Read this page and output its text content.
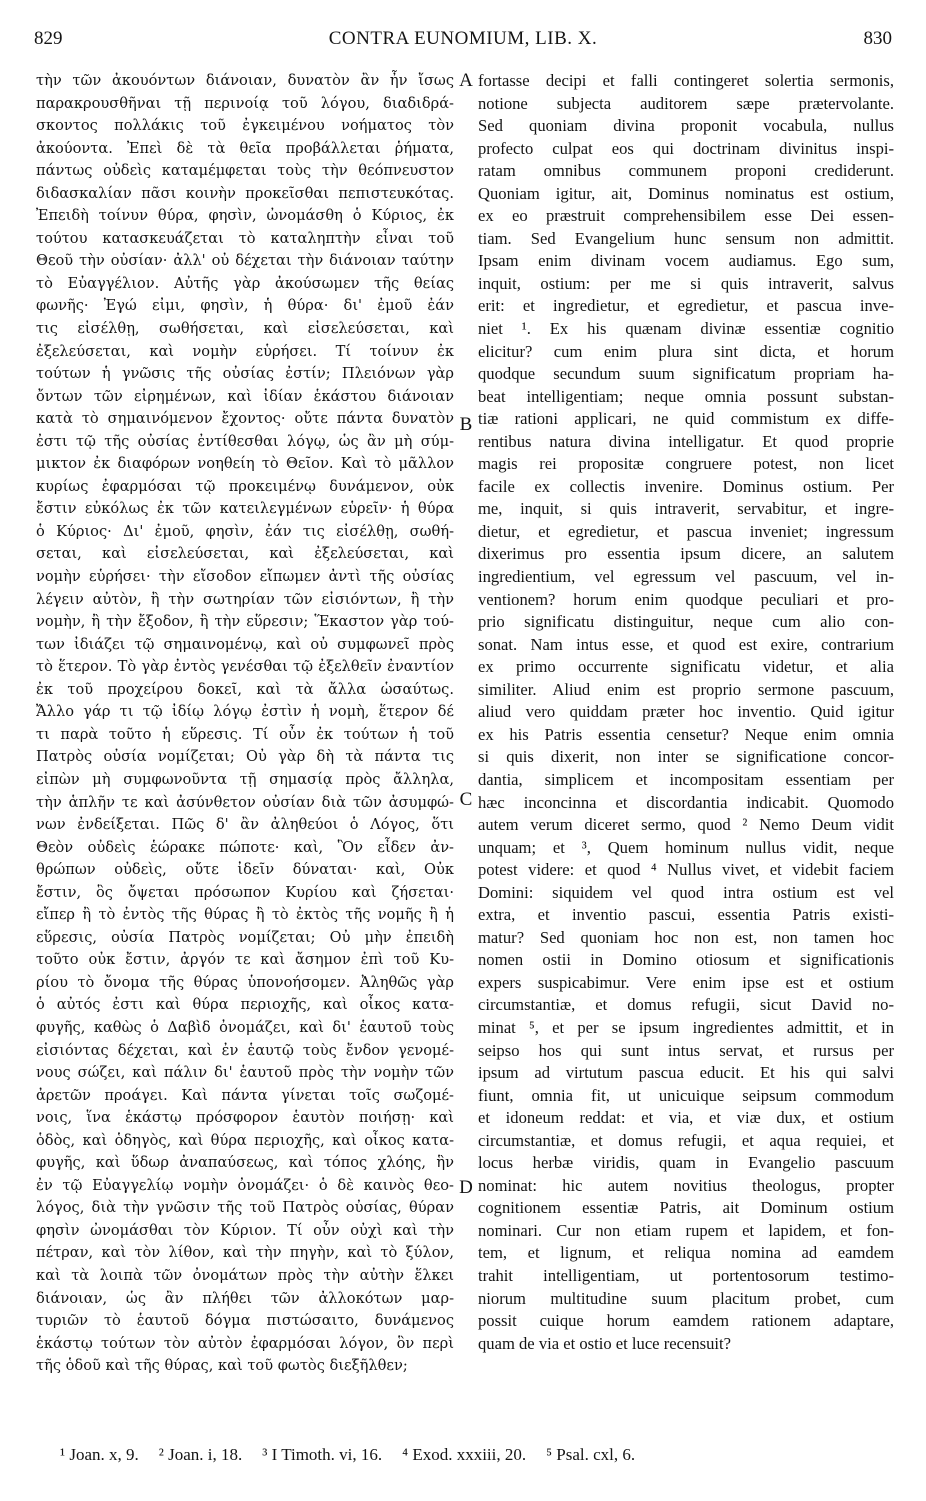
829	CONTRA EUNOMIUM, LIB. X.	830
τὴν τῶν ἀκουόντων διάνοιαν, δυνατὸν ἂν ἦν ἴσως
παρακρουσθῆναι τῇ περινοίᾳ τοῦ λόγου, διαδιδρά-
σκοντος πολλάκις τοῦ ἐγκειμένου νοήματος τὸν
ἀκούοντα. Ἐπεὶ δὲ τὰ θεῖα προβάλλεται ῥήματα,
πάντως οὐδεὶς καταμέμφεται τοὺς τὴν θεόπνευστον
διδασκαλίαν πᾶσι κοινὴν προκεῖσθαι πεπιστευκότας.
Ἐπειδὴ τοίνυν θύρα, φησὶν, ὠνομάσθη ὁ Κύριος, ἐκ
τούτου κατασκευάζεται τὸ καταληπτὴν εἶναι τοῦ
Θεοῦ τὴν οὐσίαν· ἀλλ' οὐ δέχεται τὴν διάνοιαν ταύτην
τὸ Εὐαγγέλιον. Αὐτῆς γὰρ ἀκούσωμεν τῆς θείας
φωνῆς· Ἐγώ εἰμι, φησὶν, ἡ θύρα· δι' ἐμοῦ ἐάν
τις εἰσέλθῃ, σωθήσεται, καὶ εἰσελεύσεται, καὶ
ἐξελεύσεται, καὶ νομὴν εὑρήσει. Τί τοίνυν ἐκ
τούτων ἡ γνῶσις τῆς οὐσίας ἐστίν; Πλειόνων γὰρ
ὄντων τῶν εἰρημένων, καὶ ἰδίαν ἑκάστου διάνοιαν
κατὰ τὸ σημαινόμενον ἔχοντος· οὔτε πάντα δυνατὸν
ἐστι τῷ τῆς οὐσίας ἐντίθεσθαι λόγῳ, ὡς ἂν μὴ σύμ-
μικτον ἐκ διαφόρων νοηθείη τὸ Θεῖον. Καὶ τὸ μᾶλλον
κυρίως ἐφαρμόσαι τῷ προκειμένῳ δυνάμενον, οὐκ
ἔστιν εὐκόλως ἐκ τῶν κατειλεγμένων εὑρεῖν· ἡ θύρα
ὁ Κύριος· Δι' ἐμοῦ, φησὶν, ἐάν τις εἰσέλθῃ, σωθή-
σεται, καὶ εἰσελεύσεται, καὶ ἐξελεύσεται, καὶ
νομὴν εὑρήσει· τὴν εἴσοδον εἴπωμεν ἀντὶ τῆς οὐσίας
λέγειν αὐτὸν, ἢ τὴν σωτηρίαν τῶν εἰσιόντων, ἢ τὴν
νομὴν, ἢ τὴν ἔξοδον, ἢ τὴν εὕρεσιν; Ἕκαστον γὰρ τού-
των ἰδιάζει τῷ σημαινομένῳ, καὶ οὐ συμφωνεῖ πρὸς
τὸ ἕτερον. Τὸ γὰρ ἐντὸς γενέσθαι τῷ ἐξελθεῖν ἐναντίον
ἐκ τοῦ προχείρου δοκεῖ, καὶ τὰ ἄλλα ὡσαύτως.
Ἄλλο γάρ τι τῷ ἰδίῳ λόγῳ ἐστὶν ἡ νομὴ, ἕτερον δέ
τι παρὰ τοῦτο ἡ εὕρεσις. Τί οὖν ἐκ τούτων ἡ τοῦ
Πατρὸς οὐσία νομίζεται; Οὐ γὰρ δὴ τὰ πάντα τις
εἰπὼν μὴ συμφωνοῦντα τῇ σημασίᾳ πρὸς ἄλληλα,
τὴν ἁπλῆν τε καὶ ἀσύνθετον οὐσίαν διὰ τῶν ἀσυμφώ-
νων ἐνδείξεται. Πῶς δ' ἂν ἀληθεύοι ὁ Λόγος, ὅτι
Θεὸν οὐδεὶς ἑώρακε πώποτε· καὶ, Ὃν εἶδεν ἀν-
θρώπων οὐδεὶς, οὔτε ἰδεῖν δύναται· καὶ, Οὐκ
ἔστιν, ὃς ὄψεται πρόσωπον Κυρίου καὶ ζήσεται·
εἴπερ ἢ τὸ ἐντὸς τῆς θύρας ἢ τὸ ἐκτὸς τῆς νομῆς ἢ ἡ
εὕρεσις, οὐσία Πατρὸς νομίζεται; Οὐ μὴν ἐπειδὴ
τοῦτο οὐκ ἔστιν, ἀργόν τε καὶ ἄσημον ἐπὶ τοῦ Κυ-
ρίου τὸ ὄνομα τῆς θύρας ὑπονοήσομεν. Ἀληθῶς γὰρ
ὁ αὐτός ἐστι καὶ θύρα περιοχῆς, καὶ οἶκος κατα-
φυγῆς, καθὼς ὁ Δαβὶδ ὀνομάζει, καὶ δι' ἑαυτοῦ τοὺς
εἰσιόντας δέχεται, καὶ ἐν ἑαυτῷ τοὺς ἔνδον γενομέ-
νους σώζει, καὶ πάλιν δι' ἑαυτοῦ πρὸς τὴν νομὴν τῶν
ἀρετῶν προάγει. Καὶ πάντα γίνεται τοῖς σωζομέ-
νοις, ἵνα ἑκάστῳ πρόσφορον ἑαυτὸν ποιήσῃ· καὶ
ὁδὸς, καὶ ὁδηγὸς, καὶ θύρα περιοχῆς, καὶ οἶκος κατα-
φυγῆς, καὶ ὕδωρ ἀναπαύσεως, καὶ τόπος χλόης, ἣν
ἐν τῷ Εὐαγγελίῳ νομὴν ὀνομάζει· ὁ δὲ καινὸς θεο-
λόγος, διὰ τὴν γνῶσιν τῆς τοῦ Πατρὸς οὐσίας, θύραν
φησὶν ὠνομάσθαι τὸν Κύριον. Τί οὖν οὐχὶ καὶ τὴν
πέτραν, καὶ τὸν λίθον, καὶ τὴν πηγὴν, καὶ τὸ ξύλον,
καὶ τὰ λοιπὰ τῶν ὀνομάτων πρὸς τὴν αὐτὴν ἕλκει
διάνοιαν, ὡς ἂν πλήθει τῶν ἀλλοκότων μαρ-
τυριῶν τὸ ἑαυτοῦ δόγμα πιστώσαιτο, δυνάμενος
ἑκάστῳ τούτων τὸν αὐτὸν ἐφαρμόσαι λόγον, ὃν περὶ
τῆς ὁδοῦ καὶ τῆς θύρας, καὶ τοῦ φωτὸς διεξῆλθεν;
A
B
C
D
fortasse decipi et falli contingeret solertia sermonis,
notione subjecta auditorem sæpe prætervolante.
Sed quoniam divina proponit vocabula, nullus
profecto culpat eos qui doctrinam divinitus inspi-
ratam omnibus communem proponi crediderunt.
Quoniam igitur, ait, Dominus nominatus est ostium,
ex eo præstruit comprehensibilem esse Dei essen-
tiam. Sed Evangelium hunc sensum non admittit.
Ipsam enim divinam vocem audiamus. Ego sum,
inquit, ostium: per me si quis intraverit, salvus
erit: et ingredietur, et egredietur, et pascua inve-
niet ¹. Ex his quænam divinæ essentiæ cognitio
elicitur? cum enim plura sint dicta, et horum
quodque secundum suum significatum propriam ha-
beat intelligentiam; neque omnia possunt substan-
tiæ rationi applicari, ne quid commistum ex diffe-
rentibus natura divina intelligatur. Et quod proprie
magis rei propositæ congruere potest, non licet
facile ex collectis invenire. Dominus ostium. Per
me, inquit, si quis intraverit, servabitur, et ingre-
dietur, et egredietur, et pascua inveniet; ingressum
dixerimus pro essentia ipsum dicere, an salutem
ingredientium, vel egressum vel pascuum, vel in-
ventionem? horum enim quodque peculiari et pro-
prio significatu distinguitur, neque cum alio con-
sonat. Nam intus esse, et quod est exire, contrarium
ex primo occurrente significatu videtur, et alia
similiter. Aliud enim est proprio sermone pascuum,
aliud vero quiddam præter hoc inventio. Quid igitur
ex his Patris essentia censetur? Neque enim omnia
si quis dixerit, non inter se significatione concor-
dantia, simplicem et incompositam essentiam per
hæc inconcinna et discordantia indicabit. Quomodo
autem verum diceret sermo, quod ² Nemo Deum vidit
unquam; et ³, Quem hominum nullus vidit, neque
potest videre: et quod ⁴ Nullus vivet, et videbit faciem
Domini: siquidem vel quod intra ostium est vel
extra, et inventio pascui, essentia Patris existi-
matur? Sed quoniam hoc non est, non tamen hoc
nomen ostii in Domino otiosum et significationis
expers suspicabimur. Vere enim ipse est et ostium
circumstantiæ, et domus refugii, sicut David no-
minat ⁵, et per se ipsum ingredientes admittit, et in
seipso hos qui sunt intus servat, et rursus per
ipsum ad virtutum pascua educit. Et his qui salvi
fiunt, omnia fit, ut unicuique seipsum commodum
et idoneum reddat: et via, et viæ dux, et ostium
circumstantiæ, et domus refugii, et aqua requiei, et
locus herbæ viridis, quam in Evangelio pascuum
nominat: hic autem novitius theologus, propter
cognitionem essentiæ Patris, ait Dominum ostium
nominari. Cur non etiam rupem et lapidem, et fon-
tem, et lignum, et reliqua nomina ad eamdem
trahit intelligentiam, ut portentosorum testimo-
niorum multitudine suum placitum probet, cum
possit cuique horum eamdem rationem adaptare,
quam de via et ostio et luce recensuit?
¹ Joan. x, 9. ² Joan. i, 18. ³ I Timoth. vi, 16. ⁴ Exod. xxxiii, 20. ⁵ Psal. cxl, 6.
